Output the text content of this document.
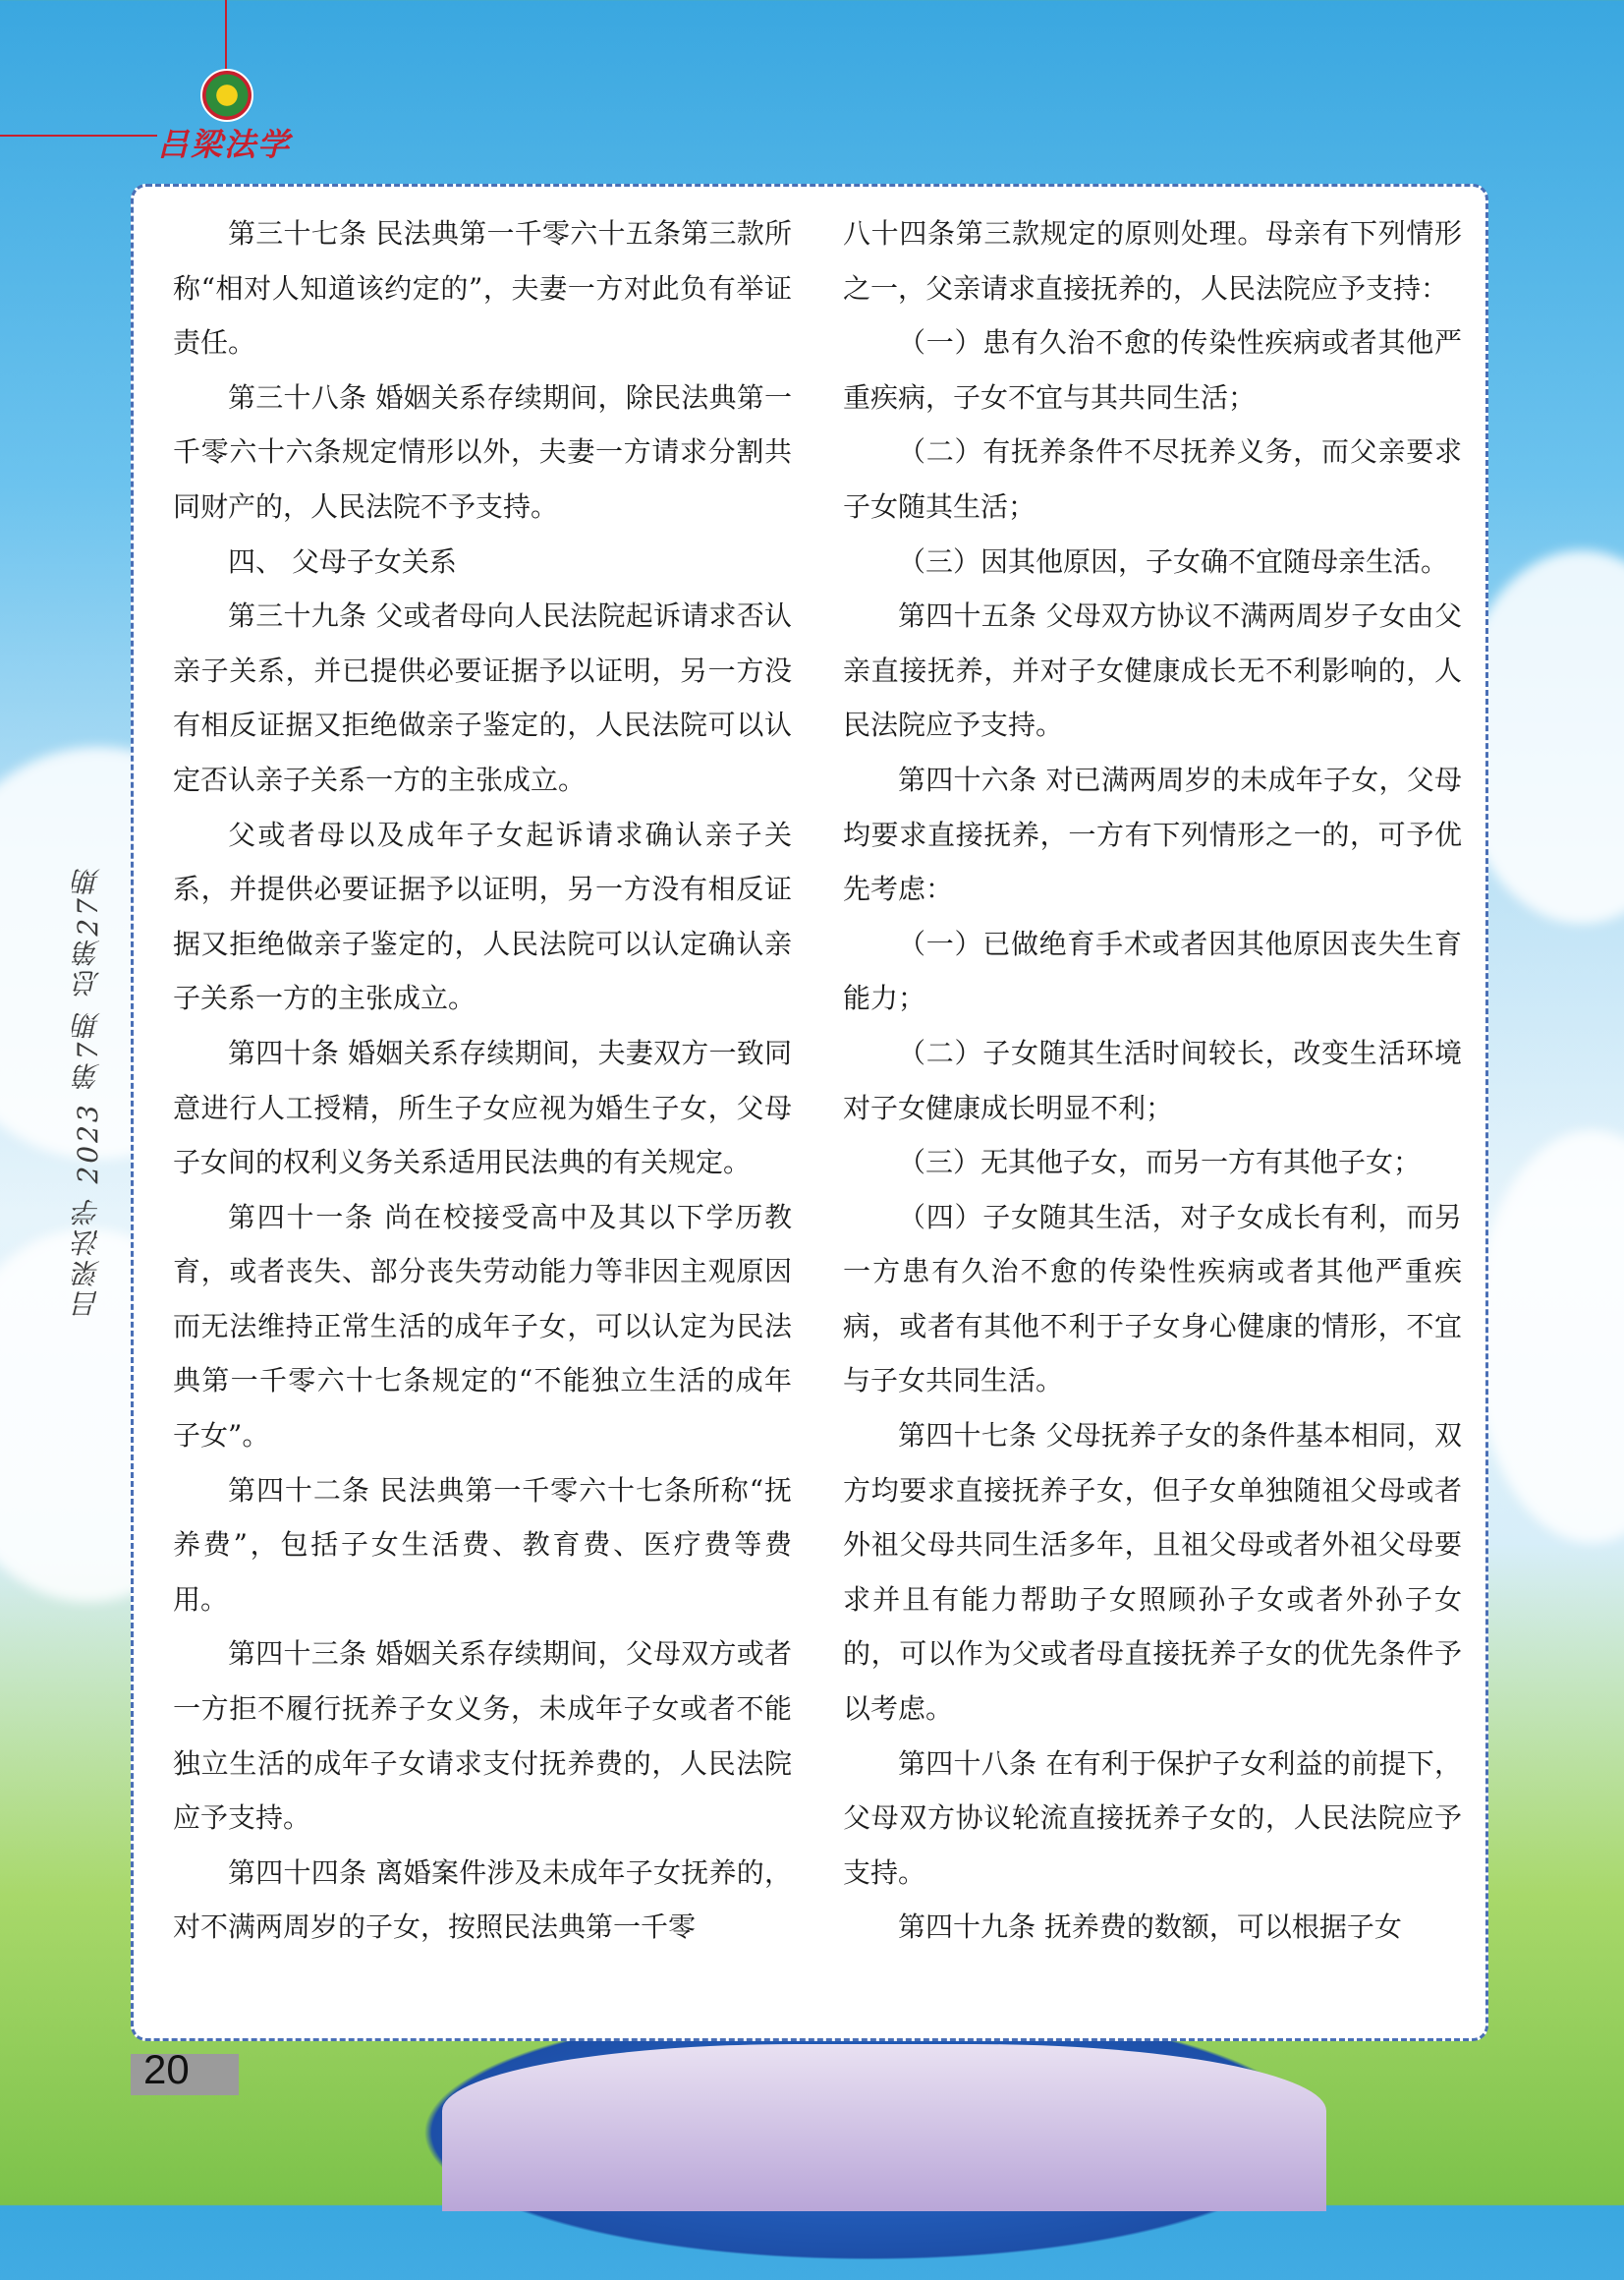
吕梁法学
吕梁法学 2023 第7期 总第27期

第三十七条 民法典第一千零六十五条第三款所称“相对人知道该约定的”，夫妻一方对此负有举证责任。

第三十八条 婚姻关系存续期间，除民法典第一千零六十六条规定情形以外，夫妻一方请求分割共同财产的，人民法院不予支持。

四、 父母子女关系

第三十九条 父或者母向人民法院起诉请求否认亲子关系，并已提供必要证据予以证明，另一方没有相反证据又拒绝做亲子鉴定的，人民法院可以认定否认亲子关系一方的主张成立。

父或者母以及成年子女起诉请求确认亲子关系，并提供必要证据予以证明，另一方没有相反证据又拒绝做亲子鉴定的，人民法院可以认定确认亲子关系一方的主张成立。

第四十条 婚姻关系存续期间，夫妻双方一致同意进行人工授精，所生子女应视为婚生子女，父母子女间的权利义务关系适用民法典的有关规定。

第四十一条 尚在校接受高中及其以下学历教育，或者丧失、部分丧失劳动能力等非因主观原因而无法维持正常生活的成年子女，可以认定为民法典第一千零六十七条规定的“不能独立生活的成年子女”。

第四十二条 民法典第一千零六十七条所称“抚养费”，包括子女生活费、教育费、医疗费等费用。

第四十三条 婚姻关系存续期间，父母双方或者一方拒不履行抚养子女义务，未成年子女或者不能独立生活的成年子女请求支付抚养费的，人民法院应予支持。

第四十四条 离婚案件涉及未成年子女抚养的，对不满两周岁的子女，按照民法典第一千零

八十四条第三款规定的原则处理。母亲有下列情形之一，父亲请求直接抚养的，人民法院应予支持：

（一）患有久治不愈的传染性疾病或者其他严重疾病，子女不宜与其共同生活；

（二）有抚养条件不尽抚养义务，而父亲要求子女随其生活；

（三）因其他原因，子女确不宜随母亲生活。

第四十五条 父母双方协议不满两周岁子女由父亲直接抚养，并对子女健康成长无不利影响的，人民法院应予支持。

第四十六条 对已满两周岁的未成年子女，父母均要求直接抚养，一方有下列情形之一的，可予优先考虑：

（一）已做绝育手术或者因其他原因丧失生育能力；

（二）子女随其生活时间较长，改变生活环境对子女健康成长明显不利；

（三）无其他子女，而另一方有其他子女；

（四）子女随其生活，对子女成长有利，而另一方患有久治不愈的传染性疾病或者其他严重疾病，或者有其他不利于子女身心健康的情形，不宜与子女共同生活。

第四十七条 父母抚养子女的条件基本相同，双方均要求直接抚养子女，但子女单独随祖父母或者外祖父母共同生活多年，且祖父母或者外祖父母要求并且有能力帮助子女照顾孙子女或者外孙子女的，可以作为父或者母直接抚养子女的优先条件予以考虑。

第四十八条 在有利于保护子女利益的前提下，父母双方协议轮流直接抚养子女的，人民法院应予支持。

第四十九条 抚养费的数额，可以根据子女

20
